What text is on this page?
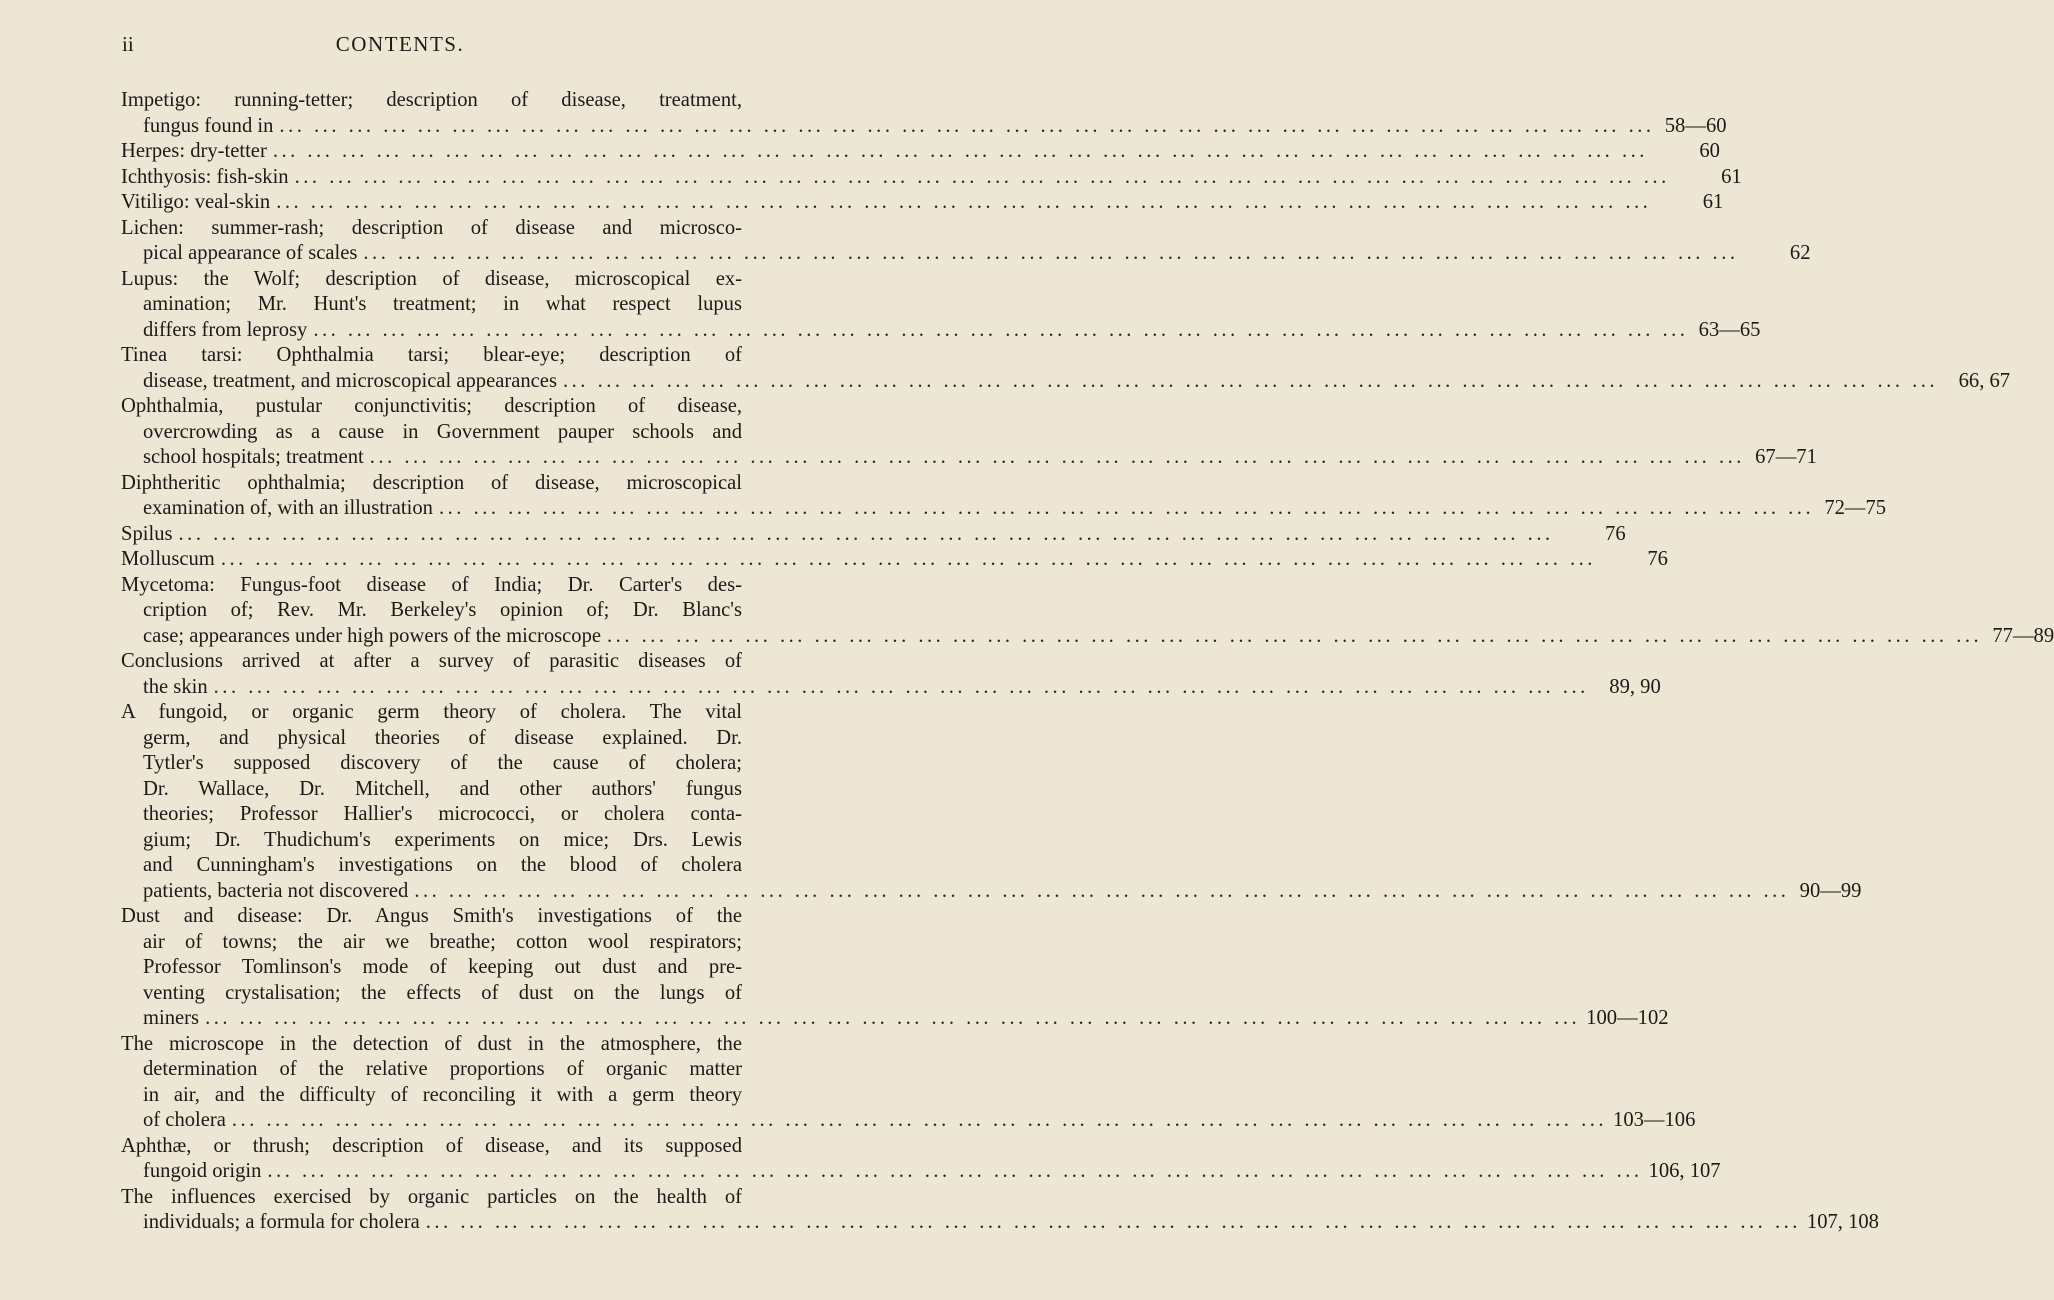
ii	CONTENTS.
Impetigo: running-tetter; description of disease, treatment,
fungus found in ... ... ... ... ... ... ... ... ... ... ... ... ... ... ... ... ... ... ... ... ... ... ... ... ... ... ... ... ... ... ... ... ... ... ... ... ... ... ... ... 58—60
Herpes: dry-tetter ... ... ... ... ... ... ... ... ... ... ... ... ... ... ... ... ... ... ... ... ... ... ... ... ... ... ... ... ... ... ... ... ... ... ... ... ... ... ... ...	60
Ichthyosis: fish-skin ... ... ... ... ... ... ... ... ... ... ... ... ... ... ... ... ... ... ... ... ... ... ... ... ... ... ... ... ... ... ... ... ... ... ... ... ... ... ... ...	61
Vitiligo: veal-skin ... ... ... ... ... ... ... ... ... ... ... ... ... ... ... ... ... ... ... ... ... ... ... ... ... ... ... ... ... ... ... ... ... ... ... ... ... ... ... ...	61
Lichen: summer-rash; description of disease and microsco-
pical appearance of scales ... ... ... ... ... ... ... ... ... ... ... ... ... ... ... ... ... ... ... ... ... ... ... ... ... ... ... ... ... ... ... ... ... ... ... ... ... ... ... ...	62
Lupus: the Wolf; description of disease, microscopical ex-
amination; Mr. Hunt's treatment; in what respect lupus
differs from leprosy ... ... ... ... ... ... ... ... ... ... ... ... ... ... ... ... ... ... ... ... ... ... ... ... ... ... ... ... ... ... ... ... ... ... ... ... ... ... ... ... 63—65
Tinea tarsi: Ophthalmia tarsi; blear-eye; description of
disease, treatment, and microscopical appearances ... ... ... ... ... ... ... ... ... ... ... ... ... ... ... ... ... ... ... ... ... ... ... ... ... ... ... ... ... ... ... ... ... ... ... ... ... ... ... ... 66, 67
Ophthalmia, pustular conjunctivitis; description of disease,
overcrowding as a cause in Government pauper schools and
school hospitals; treatment ... ... ... ... ... ... ... ... ... ... ... ... ... ... ... ... ... ... ... ... ... ... ... ... ... ... ... ... ... ... ... ... ... ... ... ... ... ... ... ... 67—71
Diphtheritic ophthalmia; description of disease, microscopical
examination of, with an illustration ... ... ... ... ... ... ... ... ... ... ... ... ... ... ... ... ... ... ... ... ... ... ... ... ... ... ... ... ... ... ... ... ... ... ... ... ... ... ... ... 72—75
Spilus ... ... ... ... ... ... ... ... ... ... ... ... ... ... ... ... ... ... ... ... ... ... ... ... ... ... ... ... ... ... ... ... ... ... ... ... ... ... ... ...	76
Molluscum ... ... ... ... ... ... ... ... ... ... ... ... ... ... ... ... ... ... ... ... ... ... ... ... ... ... ... ... ... ... ... ... ... ... ... ... ... ... ... ...	76
Mycetoma: Fungus-foot disease of India; Dr. Carter's des-
cription of; Rev. Mr. Berkeley's opinion of; Dr. Blanc's
case; appearances under high powers of the microscope ... ... ... ... ... ... ... ... ... ... ... ... ... ... ... ... ... ... ... ... ... ... ... ... ... ... ... ... ... ... ... ... ... ... ... ... ... ... ... ... 77—89
Conclusions arrived at after a survey of parasitic diseases of
the skin ... ... ... ... ... ... ... ... ... ... ... ... ... ... ... ... ... ... ... ... ... ... ... ... ... ... ... ... ... ... ... ... ... ... ... ... ... ... ... ... 89, 90
A fungoid, or organic germ theory of cholera. The vital
germ, and physical theories of disease explained. Dr.
Tytler's supposed discovery of the cause of cholera;
Dr. Wallace, Dr. Mitchell, and other authors' fungus
theories; Professor Hallier's micrococci, or cholera conta-
gium; Dr. Thudichum's experiments on mice; Drs. Lewis
and Cunningham's investigations on the blood of cholera
patients, bacteria not discovered ... ... ... ... ... ... ... ... ... ... ... ... ... ... ... ... ... ... ... ... ... ... ... ... ... ... ... ... ... ... ... ... ... ... ... ... ... ... ... ... 90—99
Dust and disease: Dr. Angus Smith's investigations of the
air of towns; the air we breathe; cotton wool respirators;
Professor Tomlinson's mode of keeping out dust and pre-
venting crystalisation; the effects of dust on the lungs of
miners ... ... ... ... ... ... ... ... ... ... ... ... ... ... ... ... ... ... ... ... ... ... ... ... ... ... ... ... ... ... ... ... ... ... ... ... ... ... ... ... 100—102
The microscope in the detection of dust in the atmosphere, the
determination of the relative proportions of organic matter
in air, and the difficulty of reconciling it with a germ theory
of cholera ... ... ... ... ... ... ... ... ... ... ... ... ... ... ... ... ... ... ... ... ... ... ... ... ... ... ... ... ... ... ... ... ... ... ... ... ... ... ... ... 103—106
Aphthæ, or thrush; description of disease, and its supposed
fungoid origin ... ... ... ... ... ... ... ... ... ... ... ... ... ... ... ... ... ... ... ... ... ... ... ... ... ... ... ... ... ... ... ... ... ... ... ... ... ... ... ... 106, 107
The influences exercised by organic particles on the health of
individuals; a formula for cholera ... ... ... ... ... ... ... ... ... ... ... ... ... ... ... ... ... ... ... ... ... ... ... ... ... ... ... ... ... ... ... ... ... ... ... ... ... ... ... ... 107, 108
